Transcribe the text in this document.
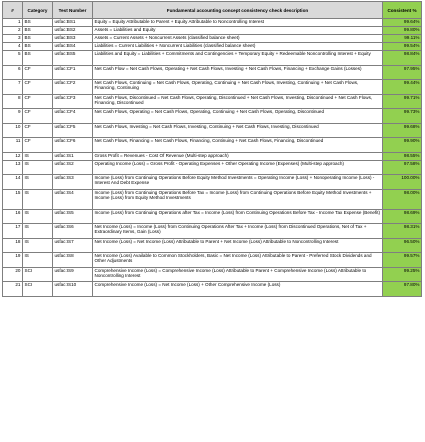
#	Category	Test Number	Fundamental accounting concept consistency check description	Consistent %
1	BS	usfac:BS1	Equity = Equity Attributable to Parent + Equity Attributable to Noncontrolling Interest	99.64%
2	BS	usfac:BS2	Assets = Liabilities and Equity	99.80%
3	BS	usfac:BS3	Assets = Current Assets + Noncurrent Assets (classified balance sheet)	99.11%
4	BS	usfac:BS4	Liabilities = Current Liabilities + Noncurrent Liabilities (classified balance sheet)	99.54%
5	BS	usfac:BS5	Liabilities and Equity = Liabilities + Commitments and Contingencies + Temporary Equity + Redeemable Noncontrolling Interest + Equity	98.84%
6	CF	usfac:CF1	Net Cash Flow = Net Cash Flows, Operating + Net Cash Flows, Investing + Net Cash Flows, Financing + Exchange Gains (Losses)	97.95%
7	CF	usfac:CF2	Net Cash Flows, Continuing = Net Cash Flows, Operating, Continuing + Net Cash Flows, Investing, Continuing + Net Cash Flows, Financing, Continuing	99.44%
8	CF	usfac:CF3	Net Cash Flows, Discontinued = Net Cash Flows, Operating, Discontinued + Net Cash Flows, Investing, Discontinued + Net Cash Flows, Financing, Discontinued	99.71%
9	CF	usfac:CF4	Net Cash Flows, Operating = Net Cash Flows, Operating, Continuing + Net Cash Flows, Operating, Discontinued	99.73%
10	CF	usfac:CF5	Net Cash Flows, Investing = Net Cash Flows, Investing, Continuing + Net Cash Flows, Investing, Discontinued	99.68%
11	CF	usfac:CF6	Net Cash Flows, Financing = Net Cash Flows, Financing, Continuing + Net Cash Flows, Financing, Discontinued	99.90%
12	IS	usfac:IS1	Gross Profit = Revenues - Cost Of Revenue (Multi-step approach)	98.55%
13	IS	usfac:IS2	Operating Income (Loss) = Gross Profit - Operating Expenses + Other Operating Income (Expenses) (Multi-step approach)	97.58%
14	IS	usfac:IS3	Income (Loss) from Continuing Operations Before Equity Method Investments = Operating Income (Loss) + Nonoperating Income (Loss) - Interest And Debt Expense	100.00%
15	IS	usfac:IS4	Income (Loss) from Continuing Operations Before Tax = Income (Loss) from Continuing Operations Before Equity Method Investments + Income (Loss) from Equity Method Investments	98.00%
16	IS	usfac:IS5	Income (Loss) from Continuing Operations after Tax = Income (Loss) from Continuing Operations Before Tax - Income Tax Expense (Benefit)	98.69%
17	IS	usfac:IS6	Net Income (Loss) = Income (Loss) from Continuing Operations After Tax + Income (Loss) from Discontinued Operations, Net of Tax + Extraordinary Items, Gain (Loss)	98.31%
18	IS	usfac:IS7	Net Income (Loss) = Net Income (Loss) Attributable to Parent + Net Income (Loss) Attributable to Noncontrolling Interest	96.50%
19	IS	usfac:IS8	Net Income (Loss) Available to Common Stockholders, Basic = Net Income (Loss) Attributable to Parent - Preferred Stock Dividends and Other Adjustments	99.57%
20	SCI	usfac:IS9	Comprehensive Income (Loss) = Comprehensive Income (Loss) Attributable to Parent + Comprehensive Income (Loss) Attributable to Noncontrolling Interest	99.25%
21	SCI	usfac:IS10	Comprehensive Income (Loss) = Net Income (Loss) + Other Comprehensive Income (Loss)	97.80%
